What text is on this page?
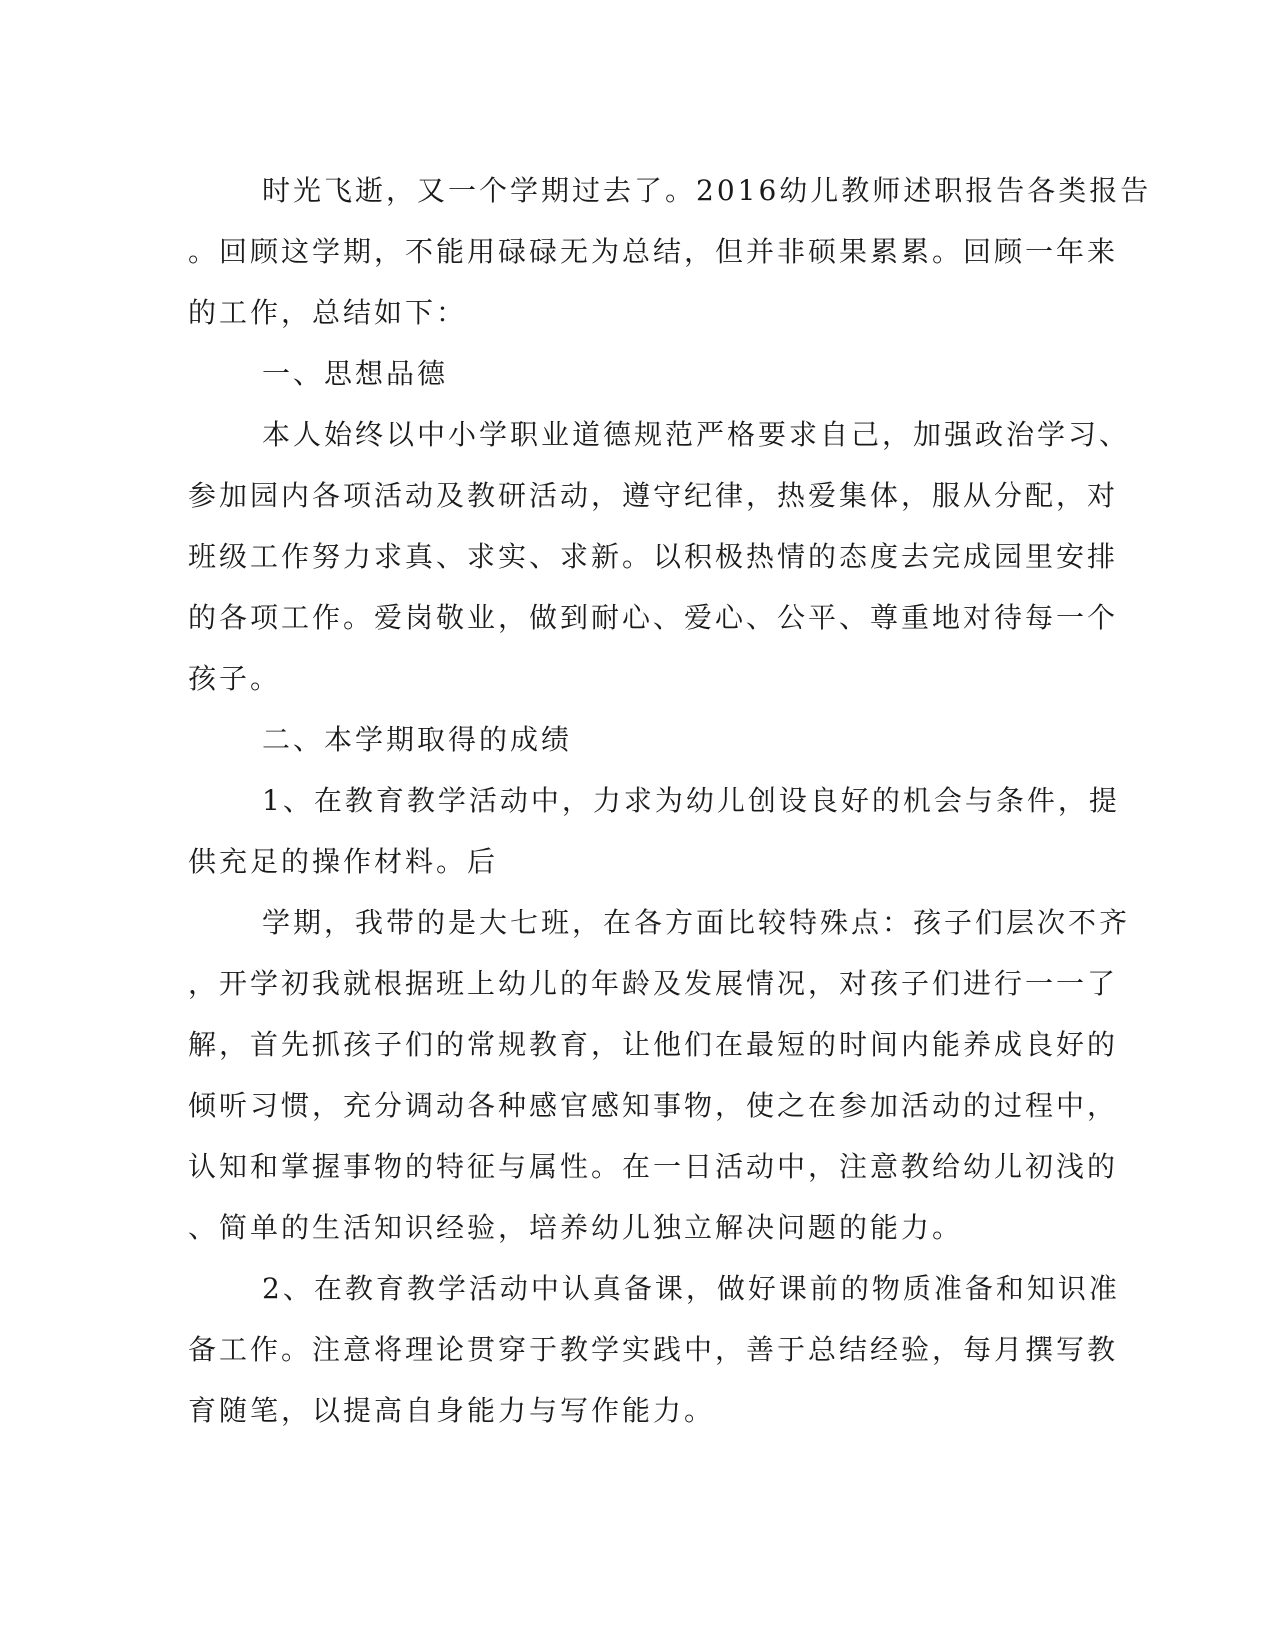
时光飞逝，又一个学期过去了。2016幼儿教师述职报告各类报告
。回顾这学期，不能用碌碌无为总结，但并非硕果累累。回顾一年来
的工作，总结如下：
一、思想品德
本人始终以中小学职业道德规范严格要求自己，加强政治学习、
参加园内各项活动及教研活动，遵守纪律，热爱集体，服从分配，对
班级工作努力求真、求实、求新。以积极热情的态度去完成园里安排
的各项工作。爱岗敬业，做到耐心、爱心、公平、尊重地对待每一个
孩子。
二、本学期取得的成绩
1、在教育教学活动中，力求为幼儿创设良好的机会与条件，提
供充足的操作材料。后
学期，我带的是大七班，在各方面比较特殊点：孩子们层次不齐
，开学初我就根据班上幼儿的年龄及发展情况，对孩子们进行一一了
解，首先抓孩子们的常规教育，让他们在最短的时间内能养成良好的
倾听习惯，充分调动各种感官感知事物，使之在参加活动的过程中，
认知和掌握事物的特征与属性。在一日活动中，注意教给幼儿初浅的
、简单的生活知识经验，培养幼儿独立解决问题的能力。
2、在教育教学活动中认真备课，做好课前的物质准备和知识准
备工作。注意将理论贯穿于教学实践中，善于总结经验，每月撰写教
育随笔，以提高自身能力与写作能力。
